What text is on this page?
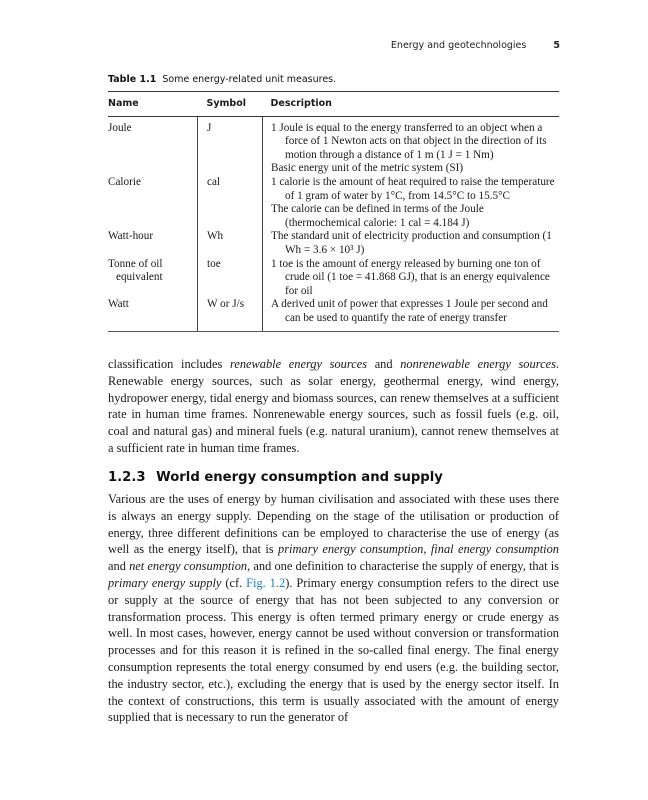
Energy and geotechnologies	5
Table 1.1 Some energy-related unit measures.
Name	Symbol	Description
Joule	J	1 Joule is equal to the energy transferred to an object when a force of 1 Newton acts on that object in the direction of its motion through a distance of 1 m (1 J = 1 Nm)
Basic energy unit of the metric system (SI)

Calorie	cal	1 calorie is the amount of heat required to raise the temperature of 1 gram of water by 1°C, from 14.5°C to 15.5°C
The calorie can be defined in terms of the Joule (thermochemical calorie: 1 cal = 4.184 J)

Watt-hour	Wh	The standard unit of electricity production and consumption (1 Wh = 3.6 × 10³ J)

Tonne of oil equivalent	toe	1 toe is the amount of energy released by burning one ton of crude oil (1 toe = 41.868 GJ), that is an energy equivalence for oil

Watt	W or J/s	A derived unit of power that expresses 1 Joule per second and can be used to quantify the rate of energy transfer

classification includes renewable energy sources and nonrenewable energy sources. Renewable energy sources, such as solar energy, geothermal energy, wind energy, hydropower energy, tidal energy and biomass sources, can renew themselves at a sufficient rate in human time frames. Nonrenewable energy sources, such as fossil fuels (e.g. oil, coal and natural gas) and mineral fuels (e.g. natural uranium), cannot renew themselves at a sufficient rate in human time frames.

1.2.3 World energy consumption and supply

Various are the uses of energy by human civilisation and associated with these uses there is always an energy supply. Depending on the stage of the utilisation or production of energy, three different definitions can be employed to characterise the use of energy (as well as the energy itself), that is primary energy consumption, final energy consumption and net energy consumption, and one definition to characterise the supply of energy, that is primary energy supply (cf. Fig. 1.2). Primary energy consumption refers to the direct use or supply at the source of energy that has not been subjected to any conversion or transformation process. This energy is often termed primary energy or crude energy as well. In most cases, however, energy cannot be used without conversion or transformation processes and for this reason it is refined in the so-called final energy. The final energy consumption represents the total energy consumed by end users (e.g. the building sector, the industry sector, etc.), excluding the energy that is used by the energy sector itself. In the context of constructions, this term is usually associated with the amount of energy supplied that is necessary to run the generator of
